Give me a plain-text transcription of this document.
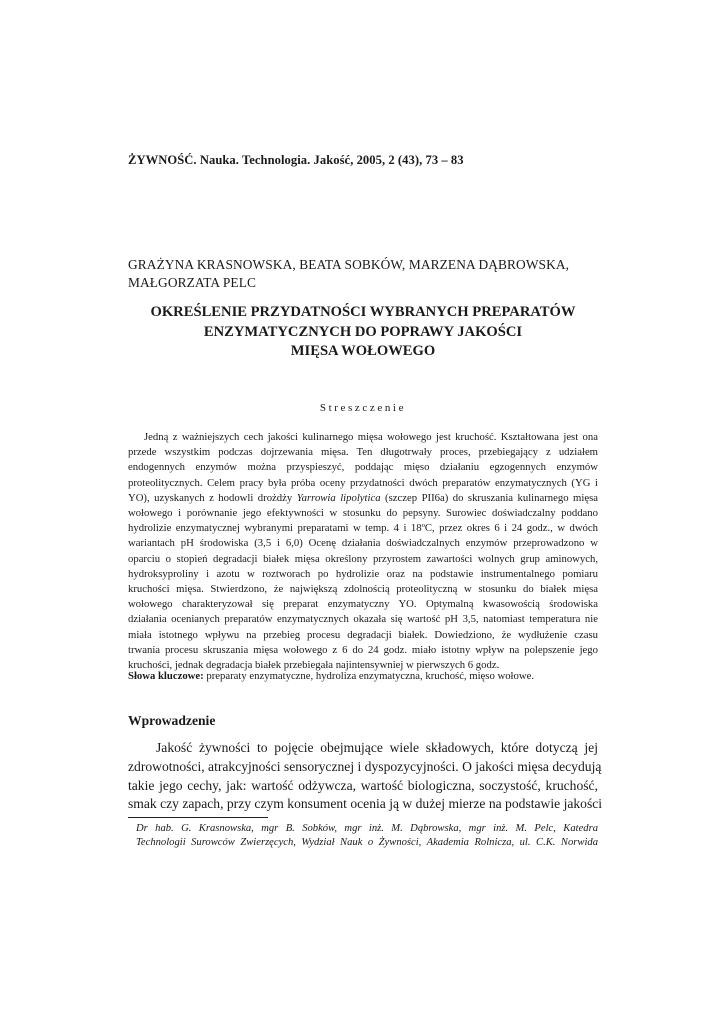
ŻYWNOŚĆ. Nauka. Technologia. Jakość, 2005, 2 (43), 73 – 83
GRAŻYNA KRASNOWSKA, BEATA SOBKÓW, MARZENA DĄBROWSKA,
MAŁGORZATA PELC
OKREŚLENIE PRZYDATNOŚCI WYBRANYCH PREPARATÓW
ENZYMATYCZNYCH DO POPRAWY JAKOŚCI
MIĘSA WOŁOWEGO
Streszczenie
Jedną z ważniejszych cech jakości kulinarnego mięsa wołowego jest kruchość. Kształtowana jest ona
przede wszystkim podczas dojrzewania mięsa. Ten długotrwały proces, przebiegający z udziałem
endogennych enzymów można przyspieszyć, poddając mięso działaniu egzogennych enzymów
proteolitycznych. Celem pracy była próba oceny przydatności dwóch preparatów enzymatycznych (YG i
YO), uzyskanych z hodowli drożdży Yarrowia lipolytica (szczep PII6a) do skruszania kulinarnego mięsa
wołowego i porównanie jego efektywności w stosunku do pepsyny. Surowiec doświadczalny poddano
hydrolizie enzymatycznej wybranymi preparatami w temp. 4 i 18ºC, przez okres 6 i 24 godz., w dwóch
wariantach pH środowiska (3,5 i 6,0) Ocenę działania doświadczalnych enzymów przeprowadzono w
oparciu o stopień degradacji białek mięsa określony przyrostem zawartości wolnych grup aminowych,
hydroksyproliny i azotu w roztworach po hydrolizie oraz na podstawie instrumentalnego pomiaru
kruchości mięsa. Stwierdzono, że największą zdolnością proteolityczną w stosunku do białek mięsa
wołowego charakteryzował się preparat enzymatyczny YO. Optymalną kwasowością środowiska
działania ocenianych preparatów enzymatycznych okazała się wartość pH 3,5, natomiast temperatura nie
miała istotnego wpływu na przebieg procesu degradacji białek. Dowiedziono, że wydłużenie czasu
trwania procesu skruszania mięsa wołowego z 6 do 24 godz. miało istotny wpływ na polepszenie jego
kruchości, jednak degradacja białek przebiegała najintensywniej w pierwszych 6 godz.
Słowa kluczowe: preparaty enzymatyczne, hydroliza enzymatyczna, kruchość, mięso wołowe.
Wprowadzenie
Jakość żywności to pojęcie obejmujące wiele składowych, które dotyczą jej
zdrowotności, atrakcyjności sensorycznej i dyspozycyjności. O jakości mięsa decydują
takie jego cechy, jak: wartość odżywcza, wartość biologiczna, soczystość, kruchość,
smak czy zapach, przy czym konsument ocenia ją w dużej mierze na podstawie jakości
Dr hab. G. Krasnowska, mgr B. Sobków, mgr inż. M. Dąbrowska, mgr inż. M. Pelc, Katedra
Technologii Surowców Zwierzęcych, Wydział Nauk o Żywności, Akademia Rolnicza, ul. C.K. Norwida
